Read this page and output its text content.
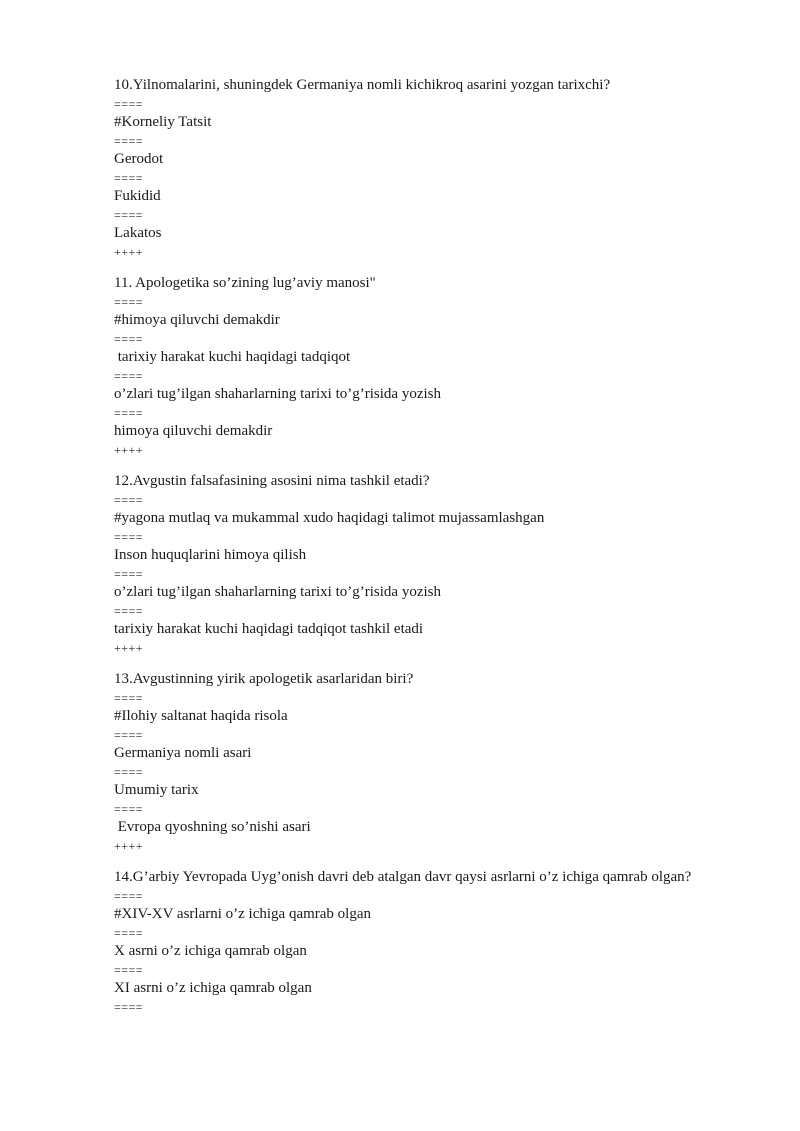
10.Yilnomalarini, shuningdek Germaniya nomli kichikroq asarini yozgan tarixchi?
====
#Korneliy Tatsit
====
Gerodot
====
Fukidid
====
Lakatos
++++
11. Apologetika so’zining lug’aviy manosi"
====
#himoya qiluvchi demakdir
====
tarixiy harakat kuchi haqidagi tadqiqot
====
o’zlari tug’ilgan shaharlarning tarixi to’g’risida yozish
====
himoya qiluvchi demakdir
++++
12.Avgustin falsafasining asosini nima tashkil etadi?
====
#yagona mutlaq va mukammal xudo haqidagi talimot mujassamlashgan
====
Inson huquqlarini himoya qilish
====
o’zlari tug’ilgan shaharlarning tarixi to’g’risida yozish
====
tarixiy harakat kuchi haqidagi tadqiqot tashkil etadi
++++
13.Avgustinning yirik apologetik asarlaridan biri?
====
#Ilohiy saltanat haqida risola
====
Germaniya nomli asari
====
Umumiy tarix
====
Evropa qyoshning so’nishi asari
++++
14.G’arbiy Yevropada Uyg’onish davri deb atalgan davr qaysi asrlarni o’z ichiga qamrab olgan?
====
#XIV-XV asrlarni o’z ichiga qamrab olgan
====
X asrni o’z ichiga qamrab olgan
====
XI asrni o’z ichiga qamrab olgan
====
